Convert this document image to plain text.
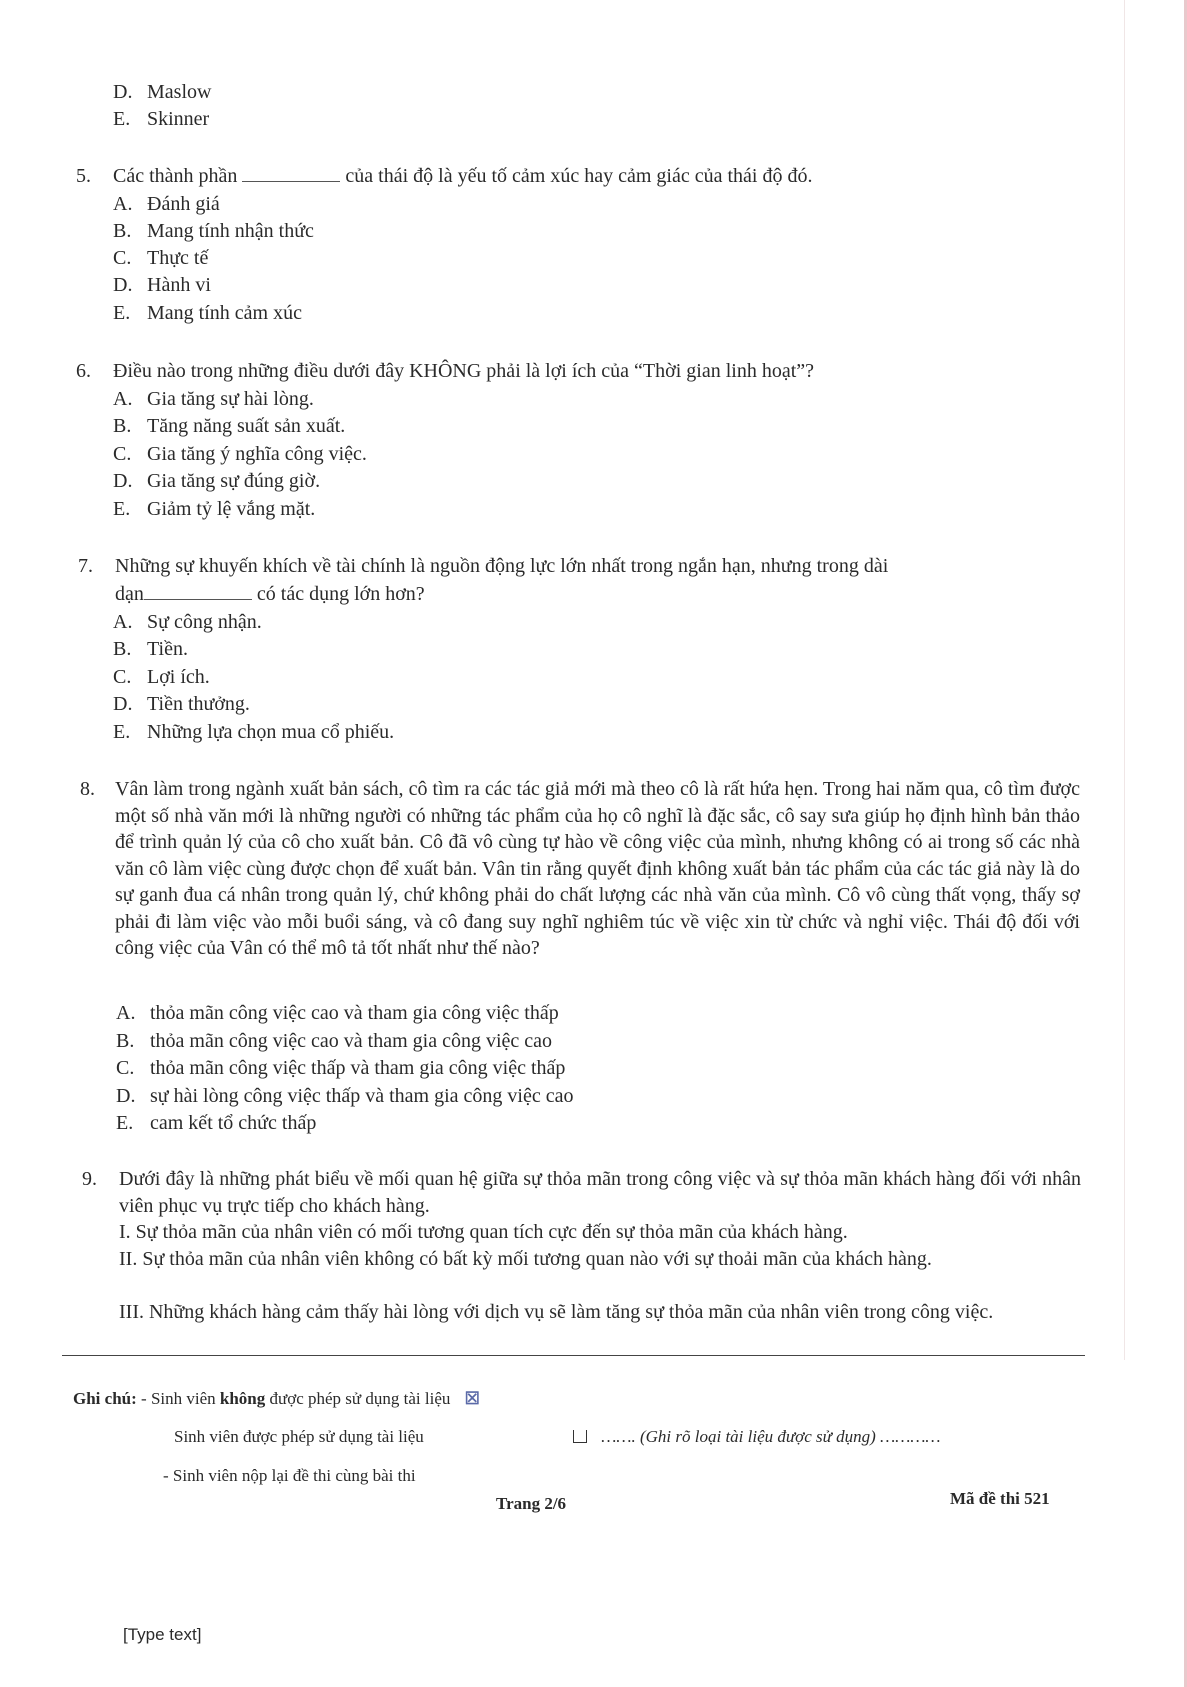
D. Maslow
E. Skinner
5. Các thành phần	của thái độ là yếu tố cảm xúc hay cảm giác của thái độ đó.
A. Đánh giá
B. Mang tính nhận thức
C. Thực tế
D. Hành vi
E. Mang tính cảm xúc
6. Điều nào trong những điều dưới đây KHÔNG phải là lợi ích của “Thời gian linh hoạt”?
A. Gia tăng sự hài lòng.
B. Tăng năng suất sản xuất.
C. Gia tăng ý nghĩa công việc.
D. Gia tăng sự đúng giờ.
E. Giảm tỷ lệ vắng mặt.
7. Những sự khuyến khích về tài chính là nguồn động lực lớn nhất trong ngắn hạn, nhưng trong dài
dạn	có tác dụng lớn hơn?
A. Sự công nhận.
B. Tiền.
C. Lợi ích.
D. Tiền thưởng.
E. Những lựa chọn mua cổ phiếu.
8. Vân làm trong ngành xuất bản sách, cô tìm ra các tác giả mới mà theo cô là rất hứa hẹn. Trong hai năm qua, cô tìm được một số nhà văn mới là những người có những tác phẩm của họ cô nghĩ là đặc sắc, cô say sưa giúp họ định hình bản thảo để trình quản lý của cô cho xuất bản. Cô đã vô cùng tự hào về công việc của mình, nhưng không có ai trong số các nhà văn cô làm việc cùng được chọn để xuất bản. Vân tin rằng quyết định không xuất bản tác phẩm của các tác giả này là do sự ganh đua cá nhân trong quản lý, chứ không phải do chất lượng các nhà văn của mình. Cô vô cùng thất vọng, thấy sợ phải đi làm việc vào mỗi buổi sáng, và cô đang suy nghĩ nghiêm túc về việc xin từ chức và nghỉ việc. Thái độ đối với công việc của Vân có thể mô tả tốt nhất như thế nào?
A. thỏa mãn công việc cao và tham gia công việc thấp
B. thỏa mãn công việc cao và tham gia công việc cao
C. thỏa mãn công việc thấp và tham gia công việc thấp
D. sự hài lòng công việc thấp và tham gia công việc cao
E. cam kết tổ chức thấp
9. Dưới đây là những phát biểu về mối quan hệ giữa sự thỏa mãn trong công việc và sự thỏa mãn khách hàng đối với nhân viên phục vụ trực tiếp cho khách hàng.
I. Sự thỏa mãn của nhân viên có mối tương quan tích cực đến sự thỏa mãn của khách hàng.
II. Sự thỏa mãn của nhân viên không có bất kỳ mối tương quan nào với sự thoải mãn của khách hàng.
III. Những khách hàng cảm thấy hài lòng với dịch vụ sẽ làm tăng sự thỏa mãn của nhân viên trong công việc.
Ghi chú: - Sinh viên không được phép sử dụng tài liệu ☒
Sinh viên được phép sử dụng tài liệu	……. (Ghi rõ loại tài liệu được sử dụng) …………
- Sinh viên nộp lại đề thi cùng bài thi
Trang 2/6	Mã đề thi 521
[Type text]
